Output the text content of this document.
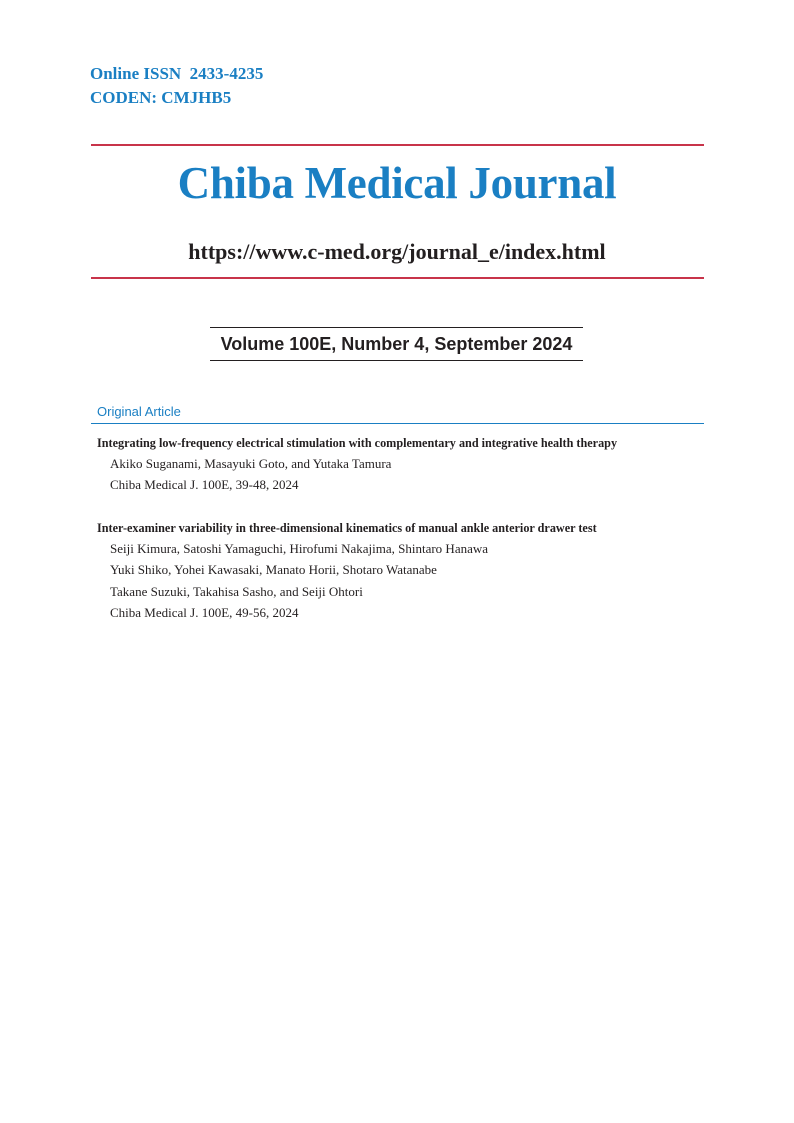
Online ISSN  2433-4235
CODEN: CMJHB5
Chiba Medical Journal
https://www.c-med.org/journal_e/index.html
Volume 100E, Number 4, September 2024
Original Article
Integrating low-frequency electrical stimulation with complementary and integrative health therapy
Akiko Suganami, Masayuki Goto, and Yutaka Tamura
Chiba Medical J. 100E, 39-48, 2024
Inter-examiner variability in three-dimensional kinematics of manual ankle anterior drawer test
Seiji Kimura, Satoshi Yamaguchi, Hirofumi Nakajima, Shintaro Hanawa
Yuki Shiko, Yohei Kawasaki, Manato Horii, Shotaro Watanabe
Takane Suzuki, Takahisa Sasho, and Seiji Ohtori
Chiba Medical J. 100E, 49-56, 2024
